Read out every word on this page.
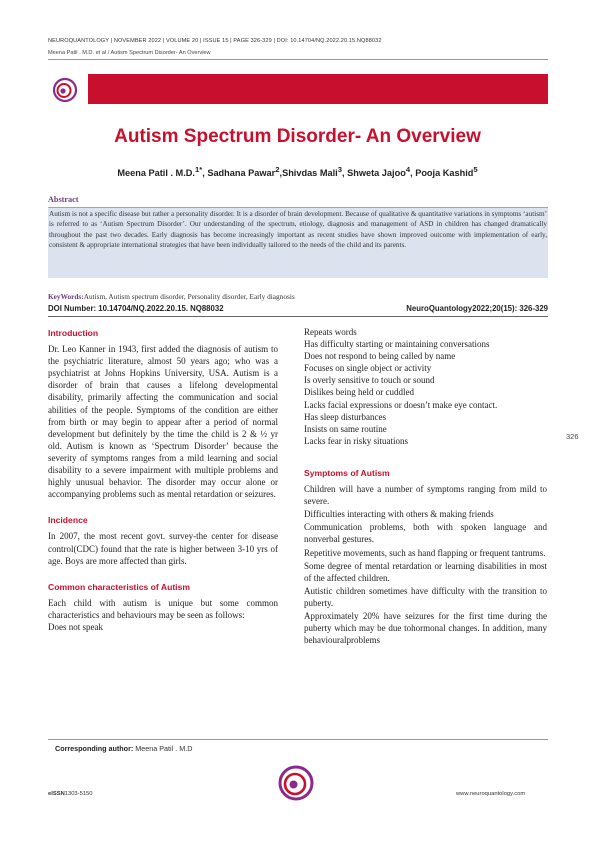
NEUROQUANTOLOGY | NOVEMBER 2022 | VOLUME 20 | ISSUE 15 | PAGE 326-329 | DOI: 10.14704/NQ.2022.20.15.NQ88032
Meena Patil . M.D. et al / Autism Spectrum Disorder- An Overview
Autism Spectrum Disorder- An Overview
Meena Patil . M.D.$^{1*}$, Sadhana Pawar$^2$,Shivdas Mali$^3$, Shweta Jajoo$^4$, Pooja Kashid$^5$
Abstract
Autism is not a specific disease but rather a personality disorder. It is a disorder of brain development. Because of qualitative & quantitative variations in symptoms ‘autism’ is referred to as ‘Autism Spectrum Disorder’. Our understanding of the spectrum, etiology, diagnosis and management of ASD in children has changed dramatically throughout the past two decades. Early diagnosis has become increasingly important as recent studies have shown improved outcome with implementation of early, consistent & appropriate international strategies that have been individually tailored to the needs of the child and its parents.
KeyWords:Autism, Autism spectrum disorder, Personality disorder, Early diagnosis
DOI Number: 10.14704/NQ.2022.20.15. NQ88032	NeuroQuantology2022;20(15): 326-329
Introduction

Dr. Leo Kanner in 1943, first added the diagnosis of autism to the psychiatric literature, almost 50 years ago; who was a psychiatrist at Johns Hopkins University, USA. Autism is a disorder of brain that causes a lifelong developmental disability, primarily affecting the communication and social abilities of the people. Symptoms of the condition are either from birth or may begin to appear after a period of normal development but definitely by the time the child is 2 & ½ yr old. Autism is known as ‘Spectrum Disorder’ because the severity of symptoms ranges from a mild learning and social disability to a severe impairment with multiple problems and highly unusual behavior. The disorder may occur alone or accompanying problems such as mental retardation or seizures.

Incidence

In 2007, the most recent govt. survey-the center for disease control(CDC) found that the rate is higher between 3-10 yrs of age. Boys are more affected than girls.

Common characteristics of Autism

Each child with autism is unique but some common characteristics and behaviours may be seen as follows:

Does not speak
Repeats words
Has difficulty starting or maintaining conversations
Does not respond to being called by name
Focuses on single object or activity
Is overly sensitive to touch or sound
Dislikes being held or cuddled
Lacks facial expressions or doesn’t make eye contact.
Has sleep disturbances
Insists on same routine
Lacks fear in risky situations
Symptoms of Autism
Children will have a number of symptoms ranging from mild to severe.
Difficulties interacting with others & making friends
Communication problems, both with spoken language and nonverbal gestures.
Repetitive movements, such as hand flapping or frequent tantrums.
Some degree of mental retardation or learning disabilities in most of the affected children.
Autistic children sometimes have difficulty with the transition to puberty.
Approximately 20% have seizures for the first time during the puberty which may be due tohormonal changes. In addition, many behaviouralproblems
326
Corresponding author: Meena Patil . M.D
eISSN1303-5150	www.neuroquantology.com
